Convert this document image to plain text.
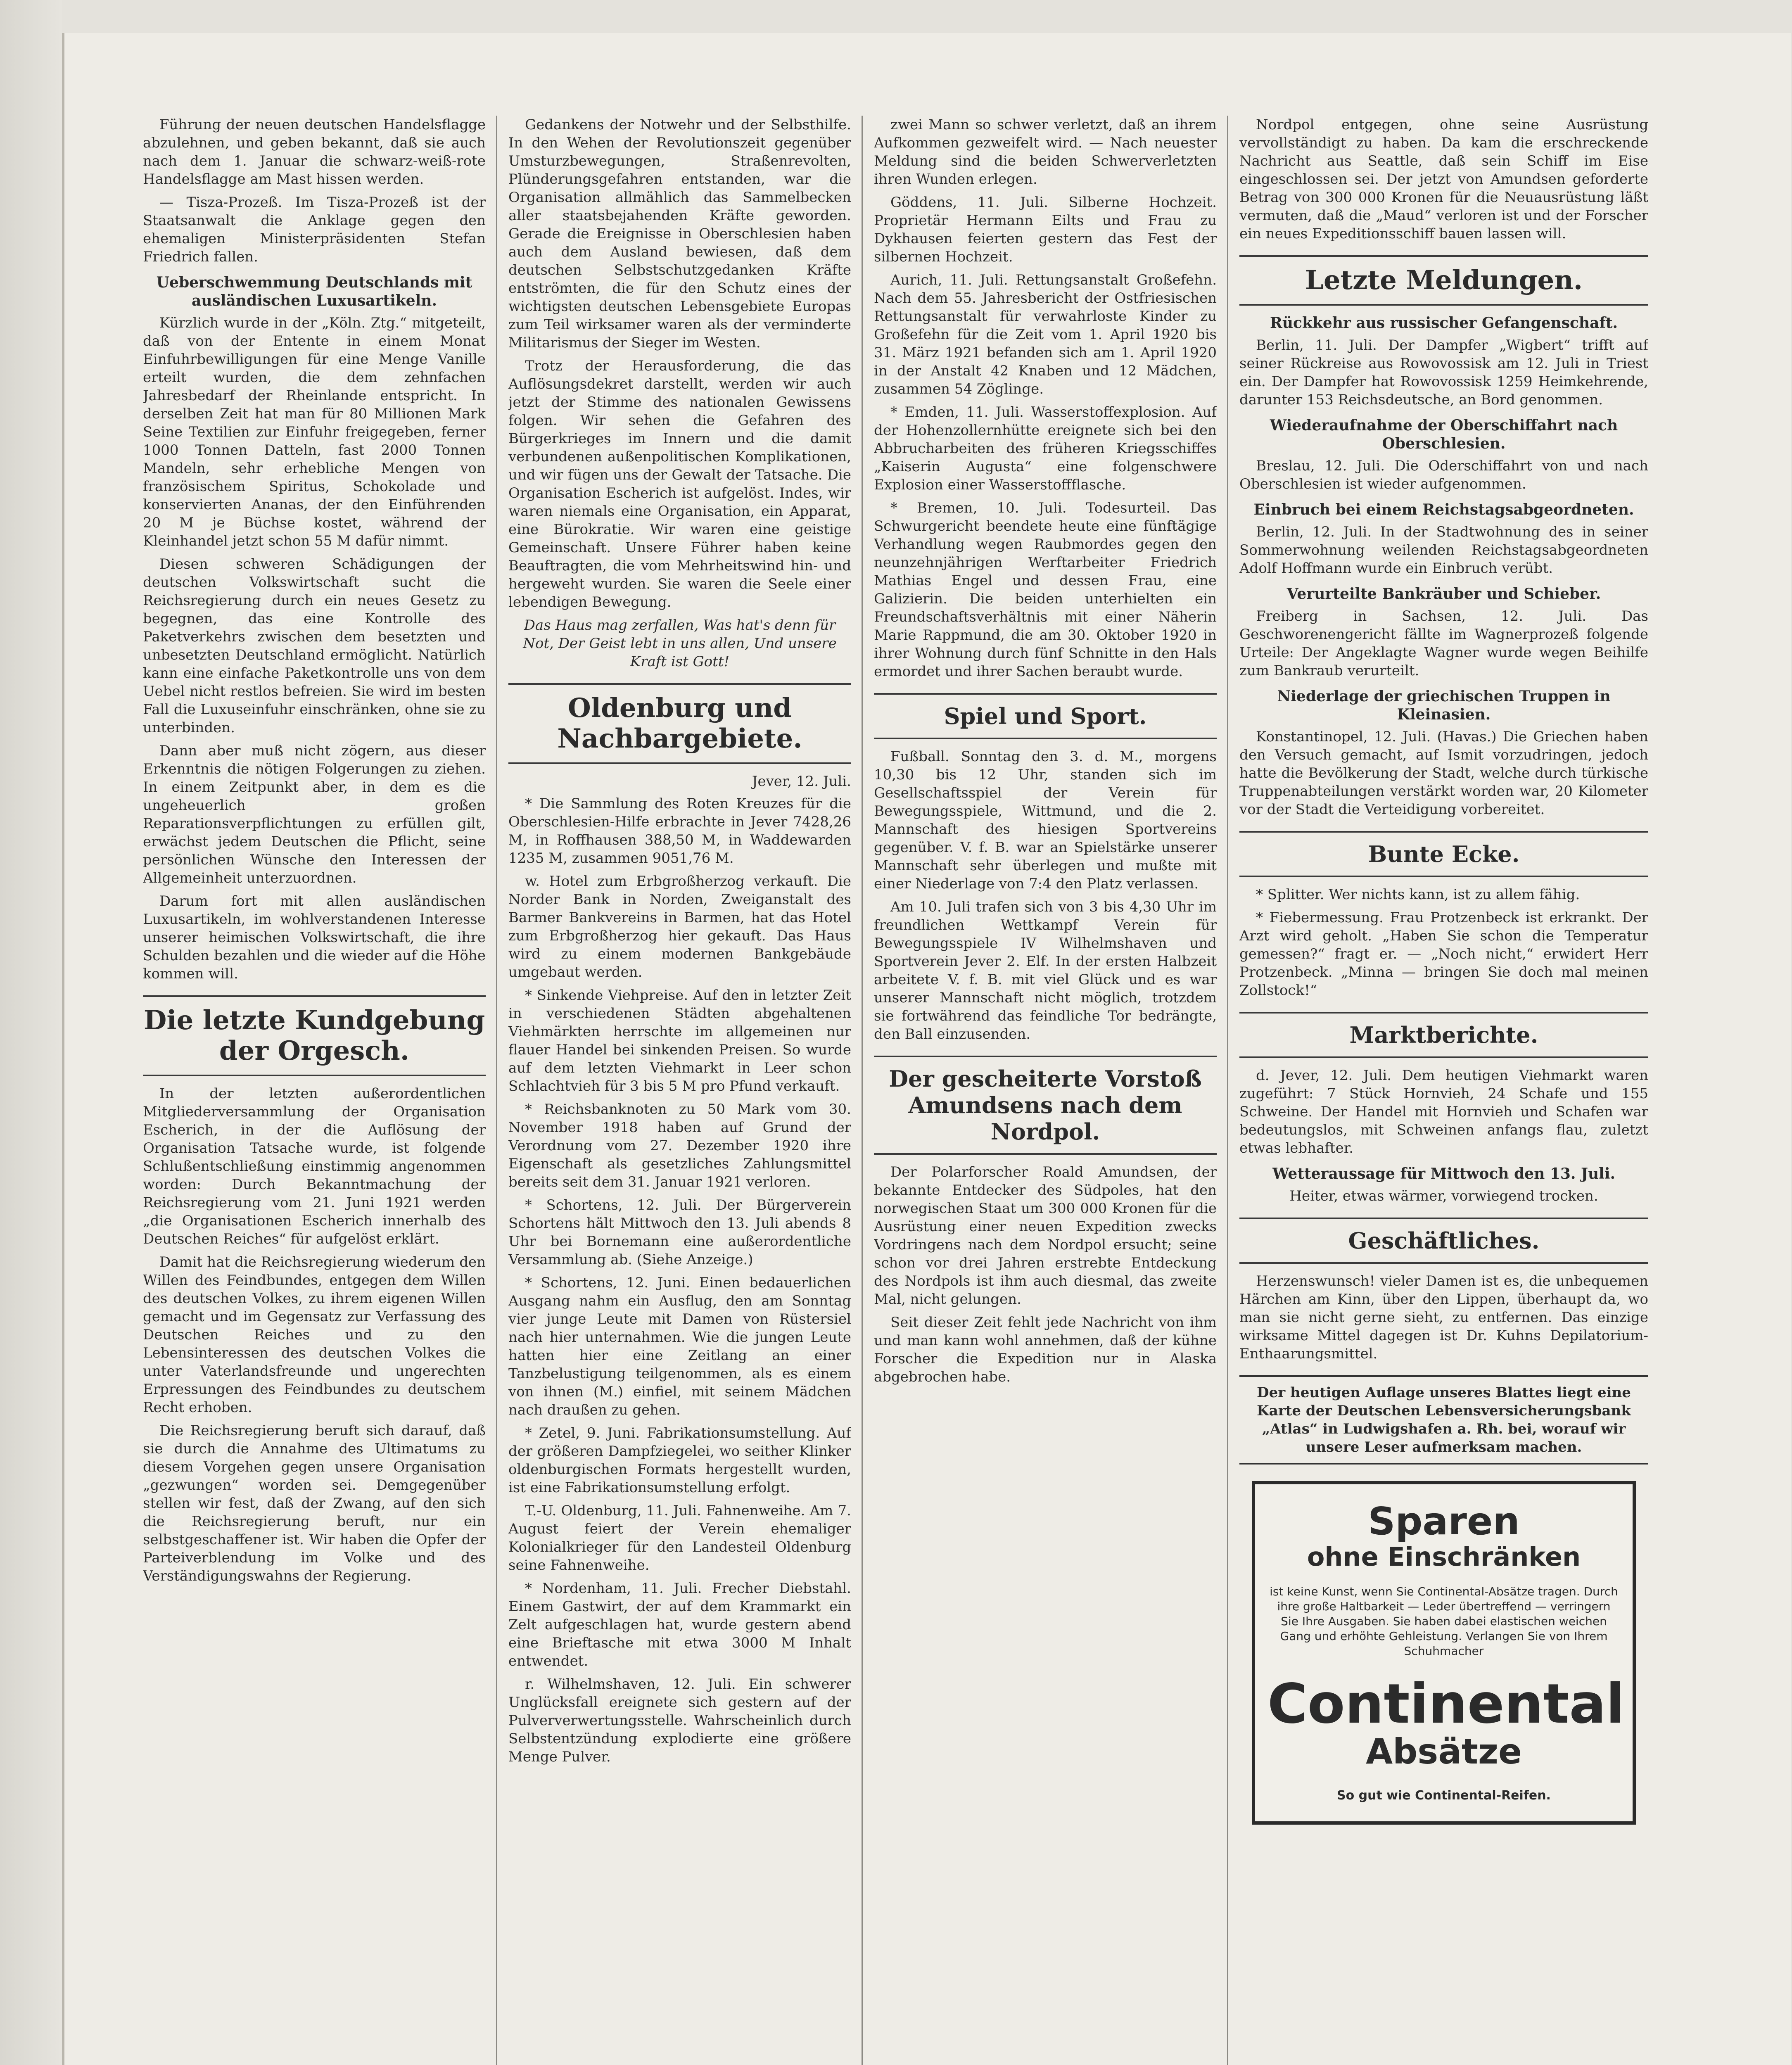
Führung der neuen deutschen Handelsflagge abzulehnen, und geben bekannt, daß sie auch nach dem 1. Januar die schwarz-weiß-rote Handelsflagge am Mast hissen werden.

— Tisza-Prozeß. Im Tisza-Prozeß ist der Staatsanwalt die Anklage gegen den ehemaligen Ministerpräsidenten Stefan Friedrich fallen.

Ueberschwemmung Deutschlands mit ausländischen Luxusartikeln.

Kürzlich wurde in der „Köln. Ztg.“ mitgeteilt, daß von der Entente in einem Monat Einfuhrbewilligungen für eine Menge Vanille erteilt wurden, die dem zehnfachen Jahresbedarf der Rheinlande entspricht. In derselben Zeit hat man für 80 Millionen Mark Seine Textilien zur Einfuhr freigegeben, ferner 1000 Tonnen Datteln, fast 2000 Tonnen Mandeln, sehr erhebliche Mengen von französischem Spiritus, Schokolade und konservierten Ananas, der den Einführenden 20 M je Büchse kostet, während der Kleinhandel jetzt schon 55 M dafür nimmt.

Diesen schweren Schädigungen der deutschen Volkswirtschaft sucht die Reichsregierung durch ein neues Gesetz zu begegnen, das eine Kontrolle des Paketverkehrs zwischen dem besetzten und unbesetzten Deutschland ermöglicht. Natürlich kann eine einfache Paketkontrolle uns von dem Uebel nicht restlos befreien. Sie wird im besten Fall die Luxuseinfuhr einschränken, ohne sie zu unterbinden.

Dann aber muß nicht zögern, aus dieser Erkenntnis die nötigen Folgerungen zu ziehen. In einem Zeitpunkt aber, in dem es die ungeheuerlich großen Reparationsverpflichtungen zu erfüllen gilt, erwächst jedem Deutschen die Pflicht, seine persönlichen Wünsche den Interessen der Allgemeinheit unterzuordnen.

Darum fort mit allen ausländischen Luxusartikeln, im wohlverstandenen Interesse unserer heimischen Volkswirtschaft, die ihre Schulden bezahlen und die wieder auf die Höhe kommen will.

Die letzte Kundgebung der Orgesch.

In der letzten außerordentlichen Mitgliederversammlung der Organisation Escherich, in der die Auflösung der Organisation Tatsache wurde, ist folgende Schlußentschließung einstimmig angenommen worden: Durch Bekanntmachung der Reichsregierung vom 21. Juni 1921 werden „die Organisationen Escherich innerhalb des Deutschen Reiches“ für aufgelöst erklärt.

Damit hat die Reichsregierung wiederum den Willen des Feindbundes, entgegen dem Willen des deutschen Volkes, zu ihrem eigenen Willen gemacht und im Gegensatz zur Verfassung des Deutschen Reiches und zu den Lebensinteressen des deutschen Volkes die unter Vaterlandsfreunde und ungerechten Erpressungen des Feindbundes zu deutschem Recht erhoben.

Die Reichsregierung beruft sich darauf, daß sie durch die Annahme des Ultimatums zu diesem Vorgehen gegen unsere Organisation „gezwungen“ worden sei. Demgegenüber stellen wir fest, daß der Zwang, auf den sich die Reichsregierung beruft, nur ein selbstgeschaffener ist. Wir haben die Opfer der Parteiverblendung im Volke und des Verständigungswahns der Regierung.

Gedankens der Notwehr und der Selbsthilfe. In den Wehen der Revolutionszeit gegenüber Umsturzbewegungen, Straßenrevolten, Plünderungsgefahren entstanden, war die Organisation allmählich das Sammelbecken aller staatsbejahenden Kräfte geworden. Gerade die Ereignisse in Oberschlesien haben auch dem Ausland bewiesen, daß dem deutschen Selbstschutzgedanken Kräfte entströmten, die für den Schutz eines der wichtigsten deutschen Lebensgebiete Europas zum Teil wirksamer waren als der verminderte Militarismus der Sieger im Westen.

Trotz der Herausforderung, die das Auflösungsdekret darstellt, werden wir auch jetzt der Stimme des nationalen Gewissens folgen. Wir sehen die Gefahren des Bürgerkrieges im Innern und die damit verbundenen außenpolitischen Komplikationen, und wir fügen uns der Gewalt der Tatsache. Die Organisation Escherich ist aufgelöst. Indes, wir waren niemals eine Organisation, ein Apparat, eine Bürokratie. Wir waren eine geistige Gemeinschaft. Unsere Führer haben keine Beauftragten, die vom Mehrheitswind hin- und hergeweht wurden. Sie waren die Seele einer lebendigen Bewegung.

Das Haus mag zerfallen, Was hat's denn für Not, Der Geist lebt in uns allen, Und unsere Kraft ist Gott!

Oldenburg und Nachbargebiete.
Jever, 12. Juli.

* Die Sammlung des Roten Kreuzes für die Oberschlesien-Hilfe erbrachte in Jever 7428,26 M, in Roffhausen 388,50 M, in Waddewarden 1235 M, zusammen 9051,76 M.

w. Hotel zum Erbgroßherzog verkauft. Die Norder Bank in Norden, Zweiganstalt des Barmer Bankvereins in Barmen, hat das Hotel zum Erbgroßherzog hier gekauft. Das Haus wird zu einem modernen Bankgebäude umgebaut werden.

* Sinkende Viehpreise. Auf den in letzter Zeit in verschiedenen Städten abgehaltenen Viehmärkten herrschte im allgemeinen nur flauer Handel bei sinkenden Preisen. So wurde auf dem letzten Viehmarkt in Leer schon Schlachtvieh für 3 bis 5 M pro Pfund verkauft.

* Reichsbanknoten zu 50 Mark vom 30. November 1918 haben auf Grund der Verordnung vom 27. Dezember 1920 ihre Eigenschaft als gesetzliches Zahlungsmittel bereits seit dem 31. Januar 1921 verloren.

* Schortens, 12. Juli. Der Bürgerverein Schortens hält Mittwoch den 13. Juli abends 8 Uhr bei Bornemann eine außerordentliche Versammlung ab. (Siehe Anzeige.)

* Schortens, 12. Juni. Einen bedauerlichen Ausgang nahm ein Ausflug, den am Sonntag vier junge Leute mit Damen von Rüstersiel nach hier unternahmen. Wie die jungen Leute hatten hier eine Zeitlang an einer Tanzbelustigung teilgenommen, als es einem von ihnen (M.) einfiel, mit seinem Mädchen nach draußen zu gehen.

* Zetel, 9. Juni. Fabrikationsumstellung. Auf der größeren Dampfziegelei, wo seither Klinker oldenburgischen Formats hergestellt wurden, ist eine Fabrikationsumstellung erfolgt.

T.-U. Oldenburg, 11. Juli. Fahnenweihe. Am 7. August feiert der Verein ehemaliger Kolonialkrieger für den Landesteil Oldenburg seine Fahnenweihe.

* Nordenham, 11. Juli. Frecher Diebstahl. Einem Gastwirt, der auf dem Krammarkt ein Zelt aufgeschlagen hat, wurde gestern abend eine Brieftasche mit etwa 3000 M Inhalt entwendet.

r. Wilhelmshaven, 12. Juli. Ein schwerer Unglücksfall ereignete sich gestern auf der Pulververwertungsstelle. Wahrscheinlich durch Selbstentzündung explodierte eine größere Menge Pulver.

zwei Mann so schwer verletzt, daß an ihrem Aufkommen gezweifelt wird. — Nach neuester Meldung sind die beiden Schwerverletzten ihren Wunden erlegen.

Göddens, 11. Juli. Silberne Hochzeit. Proprietär Hermann Eilts und Frau zu Dykhausen feierten gestern das Fest der silbernen Hochzeit.

Aurich, 11. Juli. Rettungsanstalt Großefehn. Nach dem 55. Jahresbericht der Ostfriesischen Rettungsanstalt für verwahrloste Kinder zu Großefehn für die Zeit vom 1. April 1920 bis 31. März 1921 befanden sich am 1. April 1920 in der Anstalt 42 Knaben und 12 Mädchen, zusammen 54 Zöglinge.

* Emden, 11. Juli. Wasserstoffexplosion. Auf der Hohenzollernhütte ereignete sich bei den Abbrucharbeiten des früheren Kriegsschiffes „Kaiserin Augusta“ eine folgenschwere Explosion einer Wasserstoffflasche.

* Bremen, 10. Juli. Todesurteil. Das Schwurgericht beendete heute eine fünftägige Verhandlung wegen Raubmordes gegen den neunzehnjährigen Werftarbeiter Friedrich Mathias Engel und dessen Frau, eine Galizierin. Die beiden unterhielten ein Freundschaftsverhältnis mit einer Näherin Marie Rappmund, die am 30. Oktober 1920 in ihrer Wohnung durch fünf Schnitte in den Hals ermordet und ihrer Sachen beraubt wurde.

Spiel und Sport.

Fußball. Sonntag den 3. d. M., morgens 10,30 bis 12 Uhr, standen sich im Gesellschaftsspiel der Verein für Bewegungsspiele, Wittmund, und die 2. Mannschaft des hiesigen Sportvereins gegenüber. V. f. B. war an Spielstärke unserer Mannschaft sehr überlegen und mußte mit einer Niederlage von 7:4 den Platz verlassen.

Am 10. Juli trafen sich von 3 bis 4,30 Uhr im freundlichen Wettkampf Verein für Bewegungsspiele IV Wilhelmshaven und Sportverein Jever 2. Elf. In der ersten Halbzeit arbeitete V. f. B. mit viel Glück und es war unserer Mannschaft nicht möglich, trotzdem sie fortwährend das feindliche Tor bedrängte, den Ball einzusenden.

Der gescheiterte Vorstoß Amundsens nach dem Nordpol.

Der Polarforscher Roald Amundsen, der bekannte Entdecker des Südpoles, hat den norwegischen Staat um 300 000 Kronen für die Ausrüstung einer neuen Expedition zwecks Vordringens nach dem Nordpol ersucht; seine schon vor drei Jahren erstrebte Entdeckung des Nordpols ist ihm auch diesmal, das zweite Mal, nicht gelungen.

Seit dieser Zeit fehlt jede Nachricht von ihm und man kann wohl annehmen, daß der kühne Forscher die Expedition nur in Alaska abgebrochen habe.

Nordpol entgegen, ohne seine Ausrüstung vervollständigt zu haben. Da kam die erschreckende Nachricht aus Seattle, daß sein Schiff im Eise eingeschlossen sei. Der jetzt von Amundsen geforderte Betrag von 300 000 Kronen für die Neuausrüstung läßt vermuten, daß die „Maud“ verloren ist und der Forscher ein neues Expeditionsschiff bauen lassen will.

Letzte Meldungen.
Rückkehr aus russischer Gefangenschaft.

Berlin, 11. Juli. Der Dampfer „Wigbert“ trifft auf seiner Rückreise aus Rowovossisk am 12. Juli in Triest ein. Der Dampfer hat Rowovossisk 1259 Heimkehrende, darunter 153 Reichsdeutsche, an Bord genommen.

Wiederaufnahme der Oberschiffahrt nach Oberschlesien.

Breslau, 12. Juli. Die Oderschiffahrt von und nach Oberschlesien ist wieder aufgenommen.

Einbruch bei einem Reichstagsabgeordneten.

Berlin, 12. Juli. In der Stadtwohnung des in seiner Sommerwohnung weilenden Reichstagsabgeordneten Adolf Hoffmann wurde ein Einbruch verübt.

Verurteilte Bankräuber und Schieber.

Freiberg in Sachsen, 12. Juli. Das Geschworenengericht fällte im Wagnerprozeß folgende Urteile: Der Angeklagte Wagner wurde wegen Beihilfe zum Bankraub verurteilt.

Niederlage der griechischen Truppen in Kleinasien.

Konstantinopel, 12. Juli. (Havas.) Die Griechen haben den Versuch gemacht, auf Ismit vorzudringen, jedoch hatte die Bevölkerung der Stadt, welche durch türkische Truppenabteilungen verstärkt worden war, 20 Kilometer vor der Stadt die Verteidigung vorbereitet.

Bunte Ecke.

* Splitter. Wer nichts kann, ist zu allem fähig.

* Fiebermessung. Frau Protzenbeck ist erkrankt. Der Arzt wird geholt. „Haben Sie schon die Temperatur gemessen?“ fragt er. — „Noch nicht,“ erwidert Herr Protzenbeck. „Minna — bringen Sie doch mal meinen Zollstock!“

Marktberichte.

d. Jever, 12. Juli. Dem heutigen Viehmarkt waren zugeführt: 7 Stück Hornvieh, 24 Schafe und 155 Schweine. Der Handel mit Hornvieh und Schafen war bedeutungslos, mit Schweinen anfangs flau, zuletzt etwas lebhafter.

Wetteraussage für Mittwoch den 13. Juli.

Heiter, etwas wärmer, vorwiegend trocken.

Geschäftliches.

Herzenswunsch! vieler Damen ist es, die unbequemen Härchen am Kinn, über den Lippen, überhaupt da, wo man sie nicht gerne sieht, zu entfernen. Das einzige wirksame Mittel dagegen ist Dr. Kuhns Depilatorium-Enthaarungsmittel.

Der heutigen Auflage unseres Blattes liegt eine Karte der Deutschen Lebensversicherungsbank „Atlas“ in Ludwigshafen a. Rh. bei, worauf wir unsere Leser aufmerksam machen.
Sparen
ohne Einschränken
ist keine Kunst, wenn Sie Continental-Absätze tragen. Durch ihre große Haltbarkeit — Leder übertreffend — verringern Sie Ihre Ausgaben. Sie haben dabei elastischen weichen Gang und erhöhte Gehleistung. Verlangen Sie von Ihrem Schuhmacher
Continental
Absätze
So gut wie Continental-Reifen.
